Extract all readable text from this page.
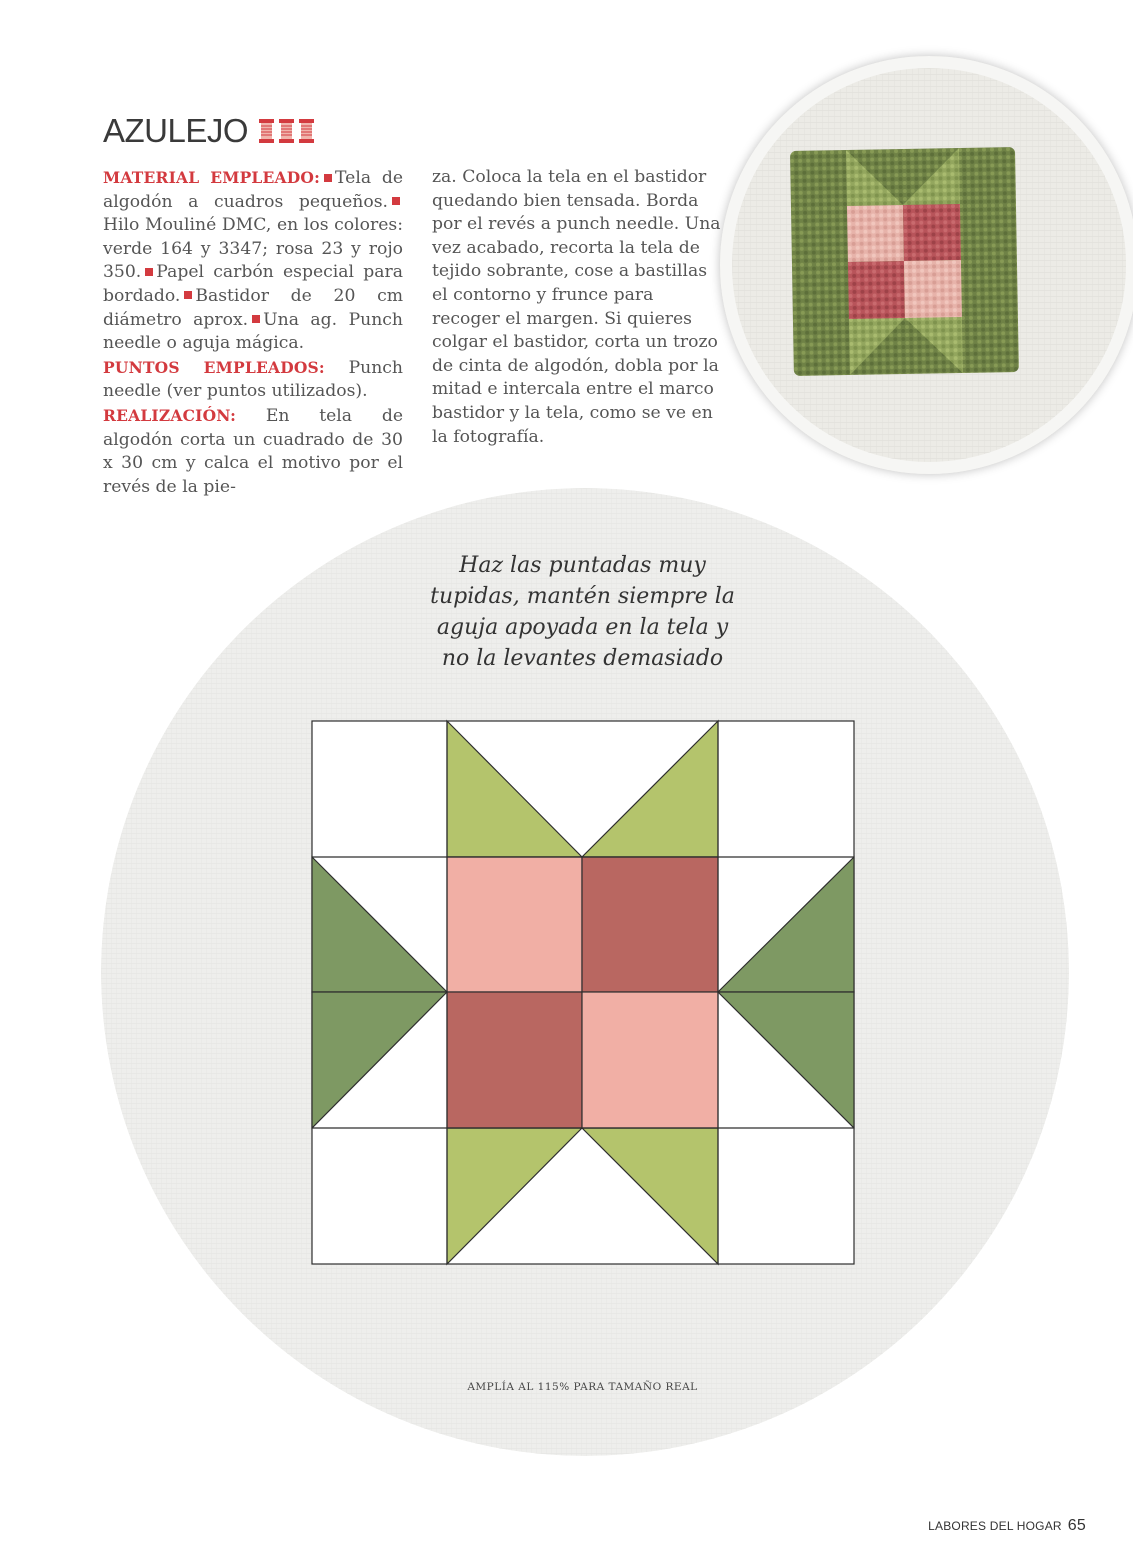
AZULEJO
MATERIAL EMPLEADO: Tela de algodón a cuadros pequeños.Hilo Mouliné DMC, en los colores: verde 164 y 3347; rosa 23 y rojo 350. Papel carbón especial para bordado. Bastidor de 20 cm diámetro aprox. Una ag. Punch needle o aguja mágica.
PUNTOS EMPLEADOS: Punch needle (ver puntos utilizados).
REALIZACIÓN: En tela de algodón corta un cuadrado de 30 x 30 cm y calca el motivo por el revés de la pie-
za. Coloca la tela en el bastidor quedando bien tensada. Borda por el revés a punch needle. Una vez acabado, recorta la tela de tejido sobrante, cose a bastillas el contorno y frunce para recoger el margen. Si quieres colgar el bastidor, corta un trozo de cinta de algodón, dobla por la mitad e intercala entre el marco bastidor y la tela, como se ve en la fotografía.
Haz las puntadas muy tupidas, mantén siempre la aguja apoyada en la tela y no la levantes demasiado
AMPLÍA AL 115% PARA TAMAÑO REAL
LABORES DEL HOGAR 65
